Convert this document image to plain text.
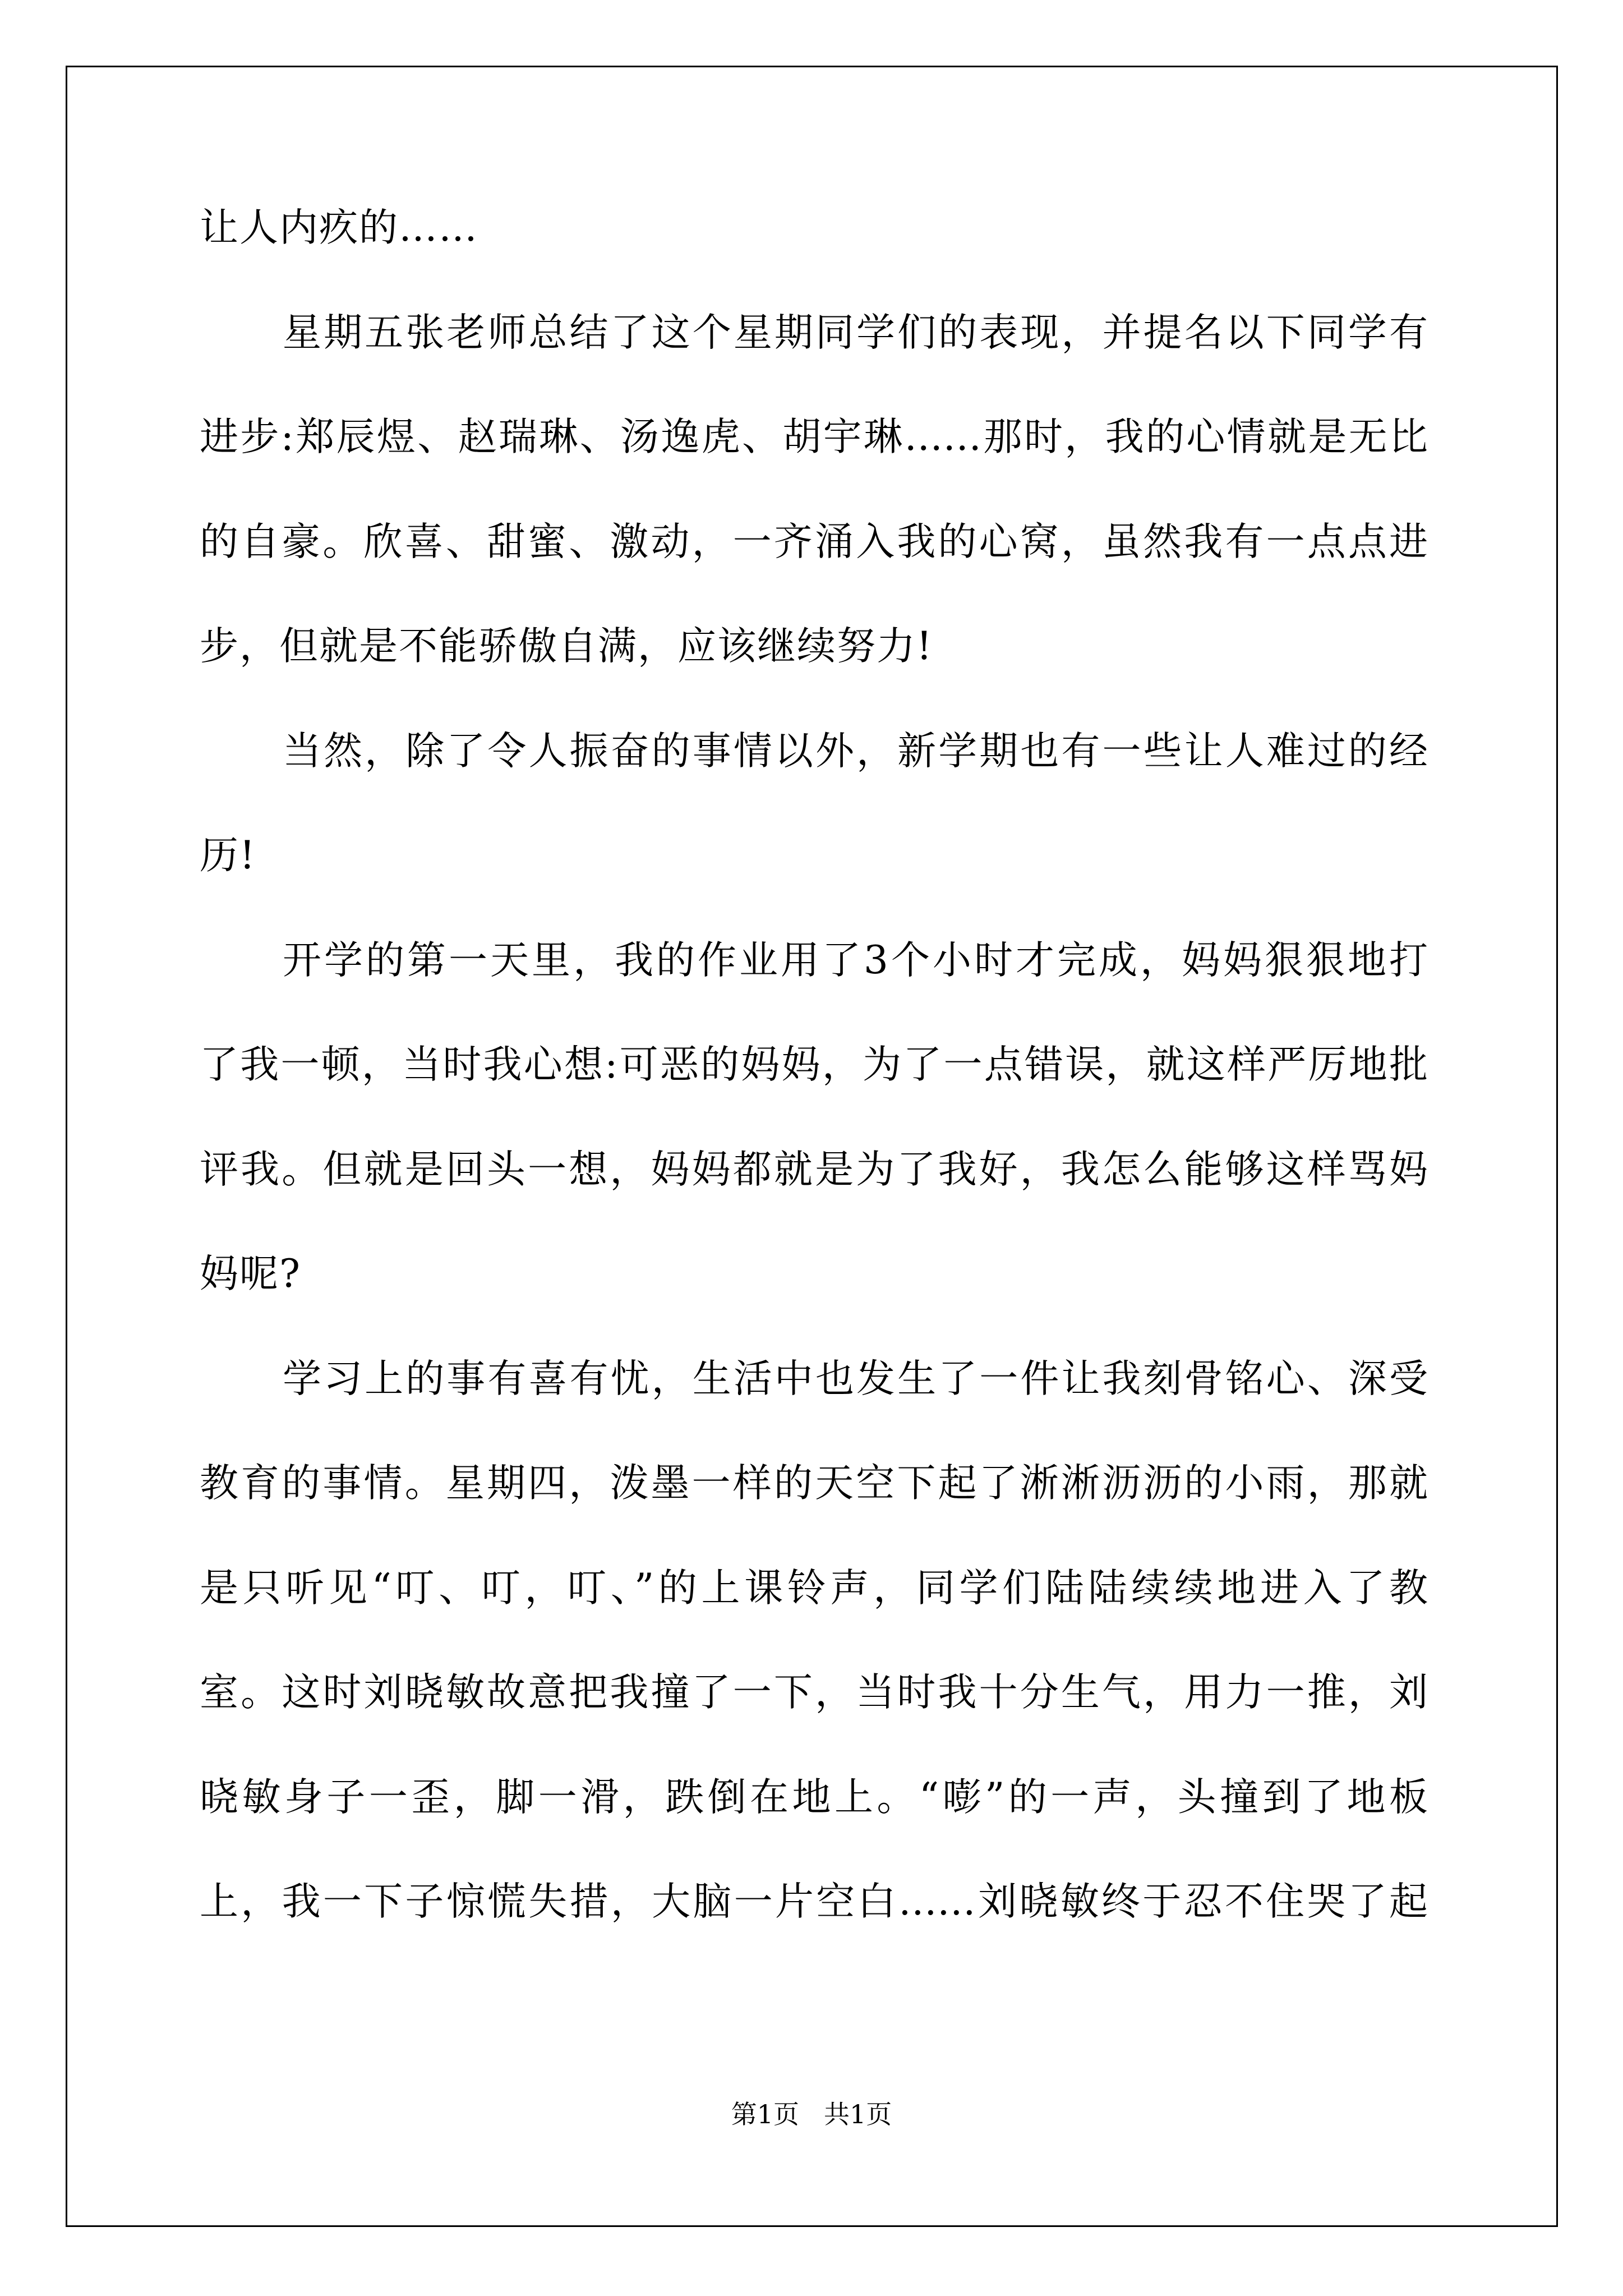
让人内疚的……

星期五张老师总结了这个星期同学们的表现，并提名以下同学有

进步:郑辰煜、赵瑞琳、汤逸虎、胡宇琳……那时，我的心情就是无比

的自豪。欣喜、甜蜜、激动，一齐涌入我的心窝，虽然我有一点点进

步，但就是不能骄傲自满，应该继续努力!

当然，除了令人振奋的事情以外，新学期也有一些让人难过的经

历!

开学的第一天里，我的作业用了3个小时才完成，妈妈狠狠地打

了我一顿，当时我心想:可恶的妈妈，为了一点错误，就这样严厉地批

评我。但就是回头一想，妈妈都就是为了我好，我怎么能够这样骂妈

妈呢?

学习上的事有喜有忧，生活中也发生了一件让我刻骨铭心、深受

教育的事情。星期四，泼墨一样的天空下起了淅淅沥沥的小雨，那就

是只听见“叮、叮，叮、”的上课铃声，同学们陆陆续续地进入了教

室。这时刘晓敏故意把我撞了一下，当时我十分生气，用力一推，刘

晓敏身子一歪，脚一滑，跌倒在地上。“嘭”的一声，头撞到了地板

上，我一下子惊慌失措，大脑一片空白……刘晓敏终于忍不住哭了起

第1页 共1页
